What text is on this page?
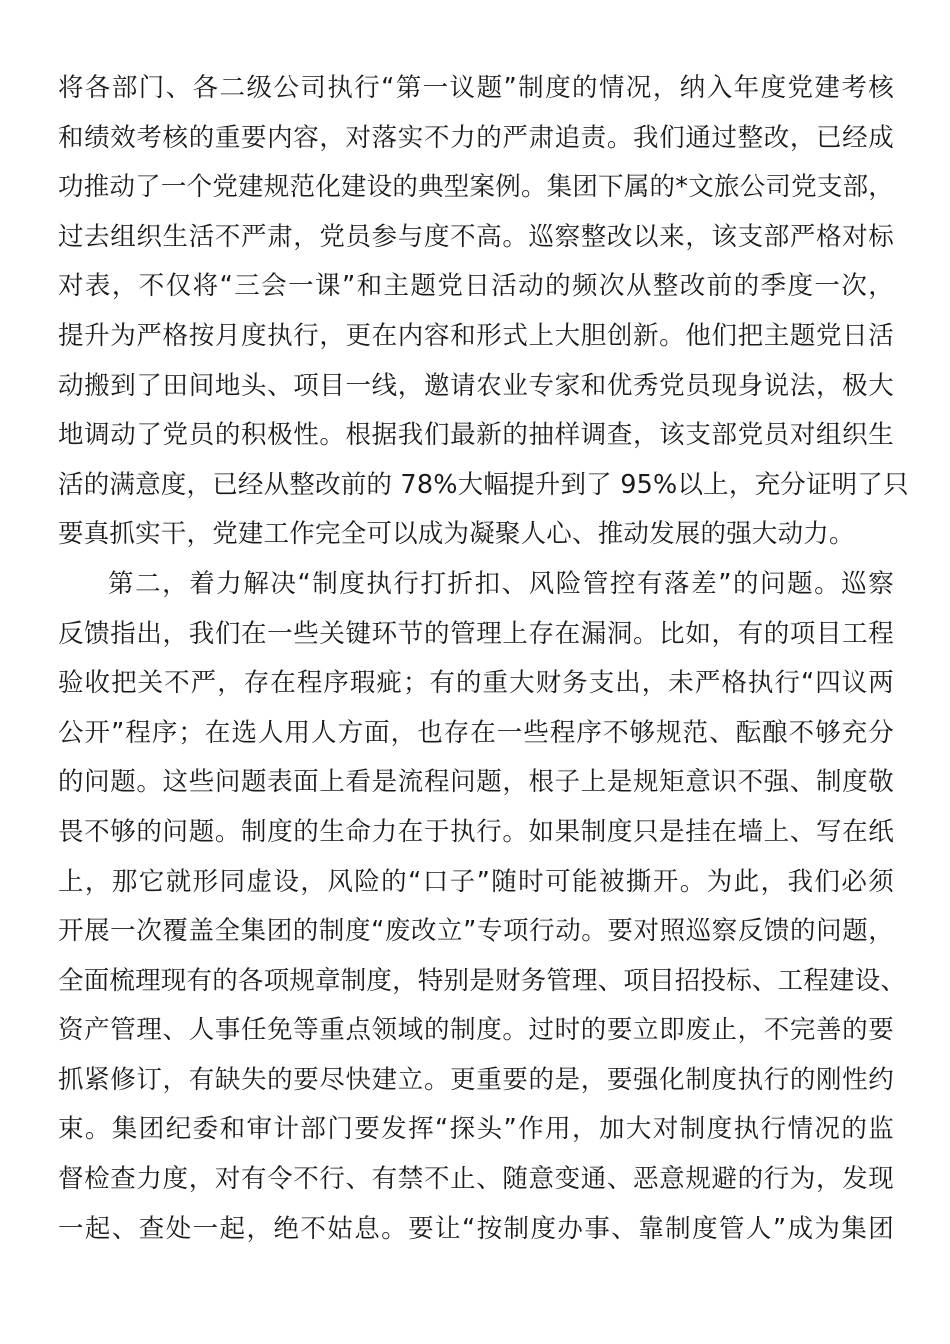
将各部门、各二级公司执行“第一议题”制度的情况，纳入年度党建考核
和绩效考核的重要内容，对落实不力的严肃追责。我们通过整改，已经成
功推动了一个党建规范化建设的典型案例。集团下属的*文旅公司党支部，
过去组织生活不严肃，党员参与度不高。巡察整改以来，该支部严格对标
对表，不仅将“三会一课”和主题党日活动的频次从整改前的季度一次，
提升为严格按月度执行，更在内容和形式上大胆创新。他们把主题党日活
动搬到了田间地头、项目一线，邀请农业专家和优秀党员现身说法，极大
地调动了党员的积极性。根据我们最新的抽样调查，该支部党员对组织生
活的满意度，已经从整改前的 78%大幅提升到了 95%以上，充分证明了只
要真抓实干，党建工作完全可以成为凝聚人心、推动发展的强大动力。
第二，着力解决“制度执行打折扣、风险管控有落差”的问题。巡察
反馈指出，我们在一些关键环节的管理上存在漏洞。比如，有的项目工程
验收把关不严，存在程序瑕疵；有的重大财务支出，未严格执行“四议两
公开”程序；在选人用人方面，也存在一些程序不够规范、酝酿不够充分
的问题。这些问题表面上看是流程问题，根子上是规矩意识不强、制度敬
畏不够的问题。制度的生命力在于执行。如果制度只是挂在墙上、写在纸
上，那它就形同虚设，风险的“口子”随时可能被撕开。为此，我们必须
开展一次覆盖全集团的制度“废改立”专项行动。要对照巡察反馈的问题，
全面梳理现有的各项规章制度，特别是财务管理、项目招投标、工程建设、
资产管理、人事任免等重点领域的制度。过时的要立即废止，不完善的要
抓紧修订，有缺失的要尽快建立。更重要的是，要强化制度执行的刚性约
束。集团纪委和审计部门要发挥“探头”作用，加大对制度执行情况的监
督检查力度，对有令不行、有禁不止、随意变通、恶意规避的行为，发现
一起、查处一起，绝不姑息。要让“按制度办事、靠制度管人”成为集团
